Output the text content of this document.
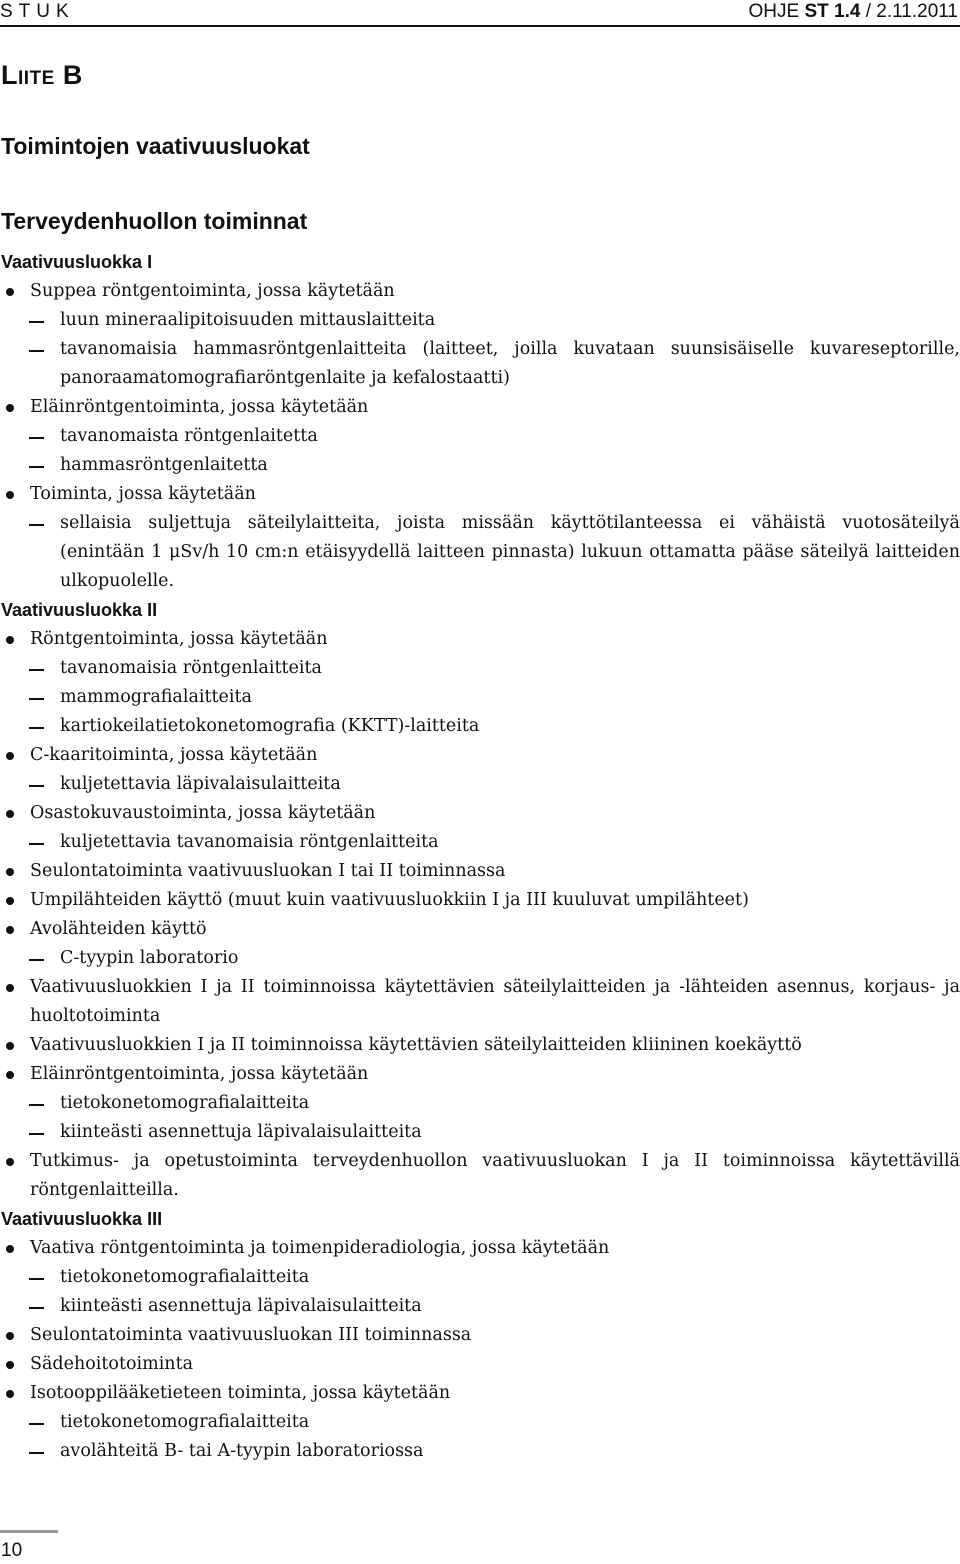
STUK	OHJE ST 1.4 / 2.11.2011
LIITE B
Toimintojen vaativuusluokat
Terveydenhuollon toiminnat
Vaativuusluokka I
Suppea röntgentoiminta, jossa käytetään
luun mineraalipitoisuuden mittauslaitteita
tavanomaisia hammasröntgenlaitteita (laitteet, joilla kuvataan suunsisäiselle kuvareseptorille, panoraamatomografiaröntgenlaite ja kefalostaatti)
Eläinröntgentoiminta, jossa käytetään
tavanomaista röntgenlaitetta
hammasröntgenlaitetta
Toiminta, jossa käytetään
sellaisia suljettuja säteilylaitteita, joista missään käyttötilanteessa ei vähäistä vuotosäteilyä (enintään 1 μSv/h 10 cm:n etäisyydellä laitteen pinnasta) lukuun ottamatta pääse säteilyä laitteiden ulkopuolelle.
Vaativuusluokka II
Röntgentoiminta, jossa käytetään
tavanomaisia röntgenlaitteita
mammografialaitteita
kartiokeilatietokonetomografia (KKTT)-laitteita
C-kaaritoiminta, jossa käytetään
kuljetettavia läpivalaisulaitteita
Osastokuvaustoiminta, jossa käytetään
kuljetettavia tavanomaisia röntgenlaitteita
Seulontatoiminta vaativuusluokan I tai II toiminnassa
Umpilähteiden käyttö (muut kuin vaativuusluokkiin I ja III kuuluvat umpilähteet)
Avolähteiden käyttö
C-tyypin laboratorio
Vaativuusluokkien I ja II toiminnoissa käytettävien säteilylaitteiden ja -lähteiden asennus, korjaus- ja huoltotoiminta
Vaativuusluokkien I ja II toiminnoissa käytettävien säteilylaitteiden kliininen koekäyttö
Eläinröntgentoiminta, jossa käytetään
tietokonetomografialaitteita
kiinteästi asennettuja läpivalaisulaitteita
Tutkimus- ja opetustoiminta terveydenhuollon vaativuusluokan I ja II toiminnoissa käytettävillä röntgenlaitteilla.
Vaativuusluokka III
Vaativa röntgentoiminta ja toimenpideradiologia, jossa käytetään
tietokonetomografialaitteita
kiinteästi asennettuja läpivalaisulaitteita
Seulontatoiminta vaativuusluokan III toiminnassa
Sädehoitotoiminta
Isotooppilääketieteen toiminta, jossa käytetään
tietokonetomografialaitteita
avolähteitä B- tai A-tyypin laboratoriossa
10
